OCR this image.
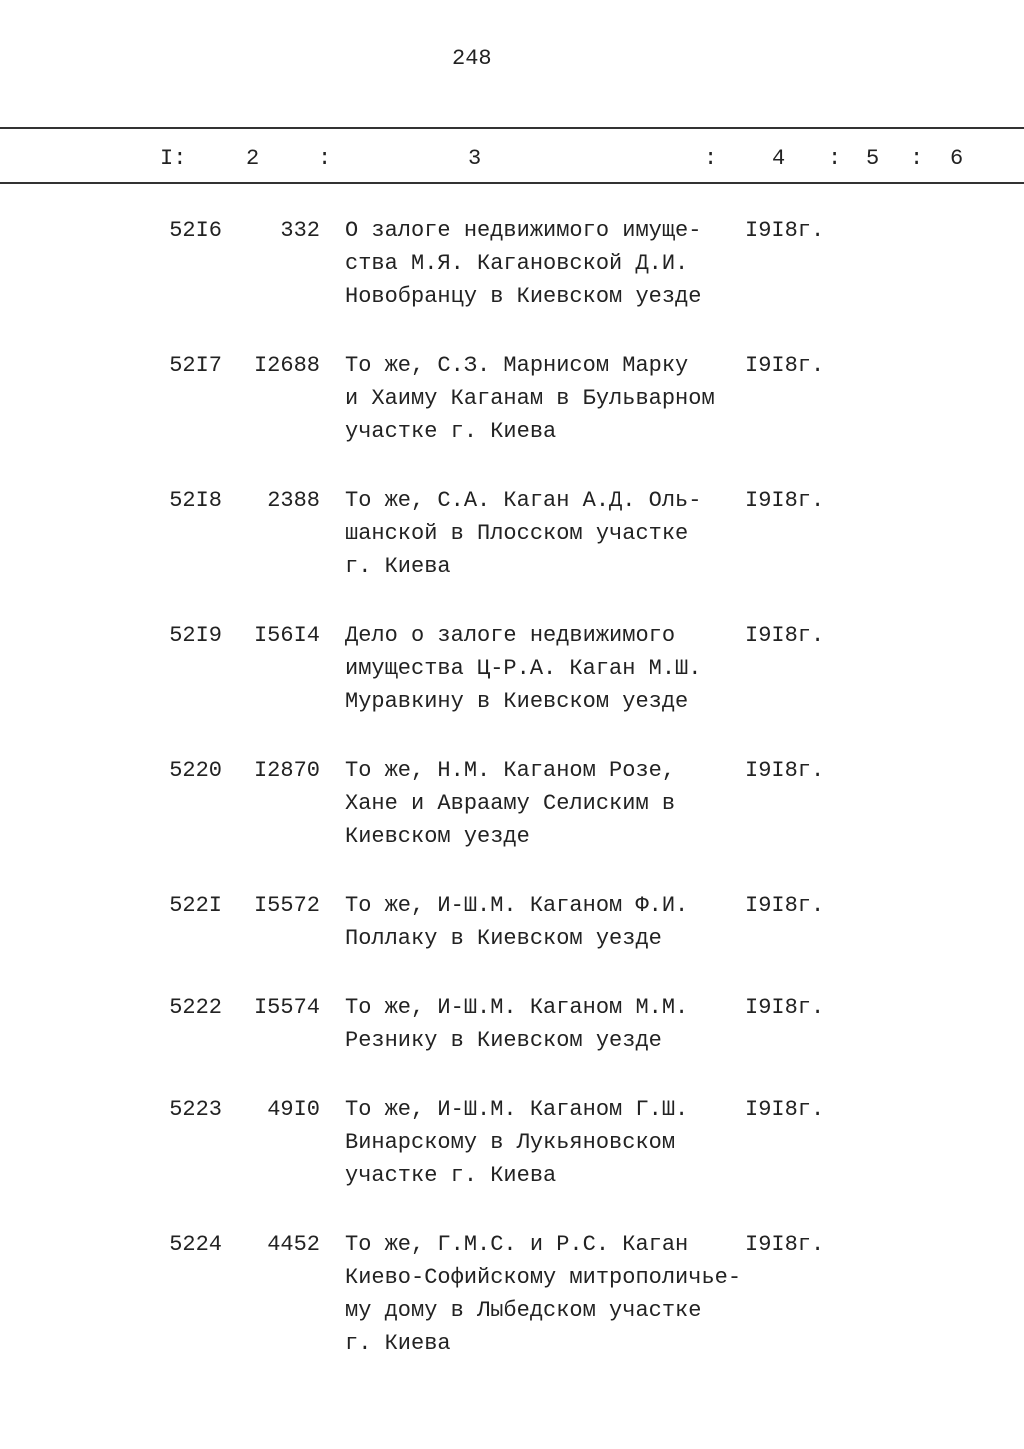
248
I:	2	:	3	: 4 : 5 : 6
52I6	332 О залоге недвижимого имуще-
ства М.Я. Кагановской Д.И.
Новобранцу в Киевском уезде
I9I8г.
52I7	I2688 То же, С.З. Марнисом Марку
и Хаиму Каганам в Бульварном
участке г. Киева
I9I8г.
52I8	2388 То же, С.А. Каган А.Д. Оль-
шанской в Плосском участке
г. Киева
I9I8г.
52I9	I56I4 Дело о залоге недвижимого
имущества Ц-Р.А. Каган М.Ш.
Муравкину в Киевском уезде
I9I8г.
5220	I2870 То же, Н.М. Каганом Розе,
Хане и Аврааму Селиским в
Киевском уезде
I9I8г.
522I	I5572 То же, И-Ш.М. Каганом Ф.И.
Поллаку в Киевском уезде
I9I8г.
5222	I5574 То же, И-Ш.М. Каганом М.М.
Резнику в Киевском уезде
I9I8г.
5223	49I0 То же, И-Ш.М. Каганом Г.Ш.
Винарскому в Лукьяновском
участке г. Киева
I9I8г.
5224	4452 То же, Г.М.С. и Р.С. Каган
Киево-Софийскому митрополичье-
му дому в Лыбедском участке
г. Киева
I9I8г.
